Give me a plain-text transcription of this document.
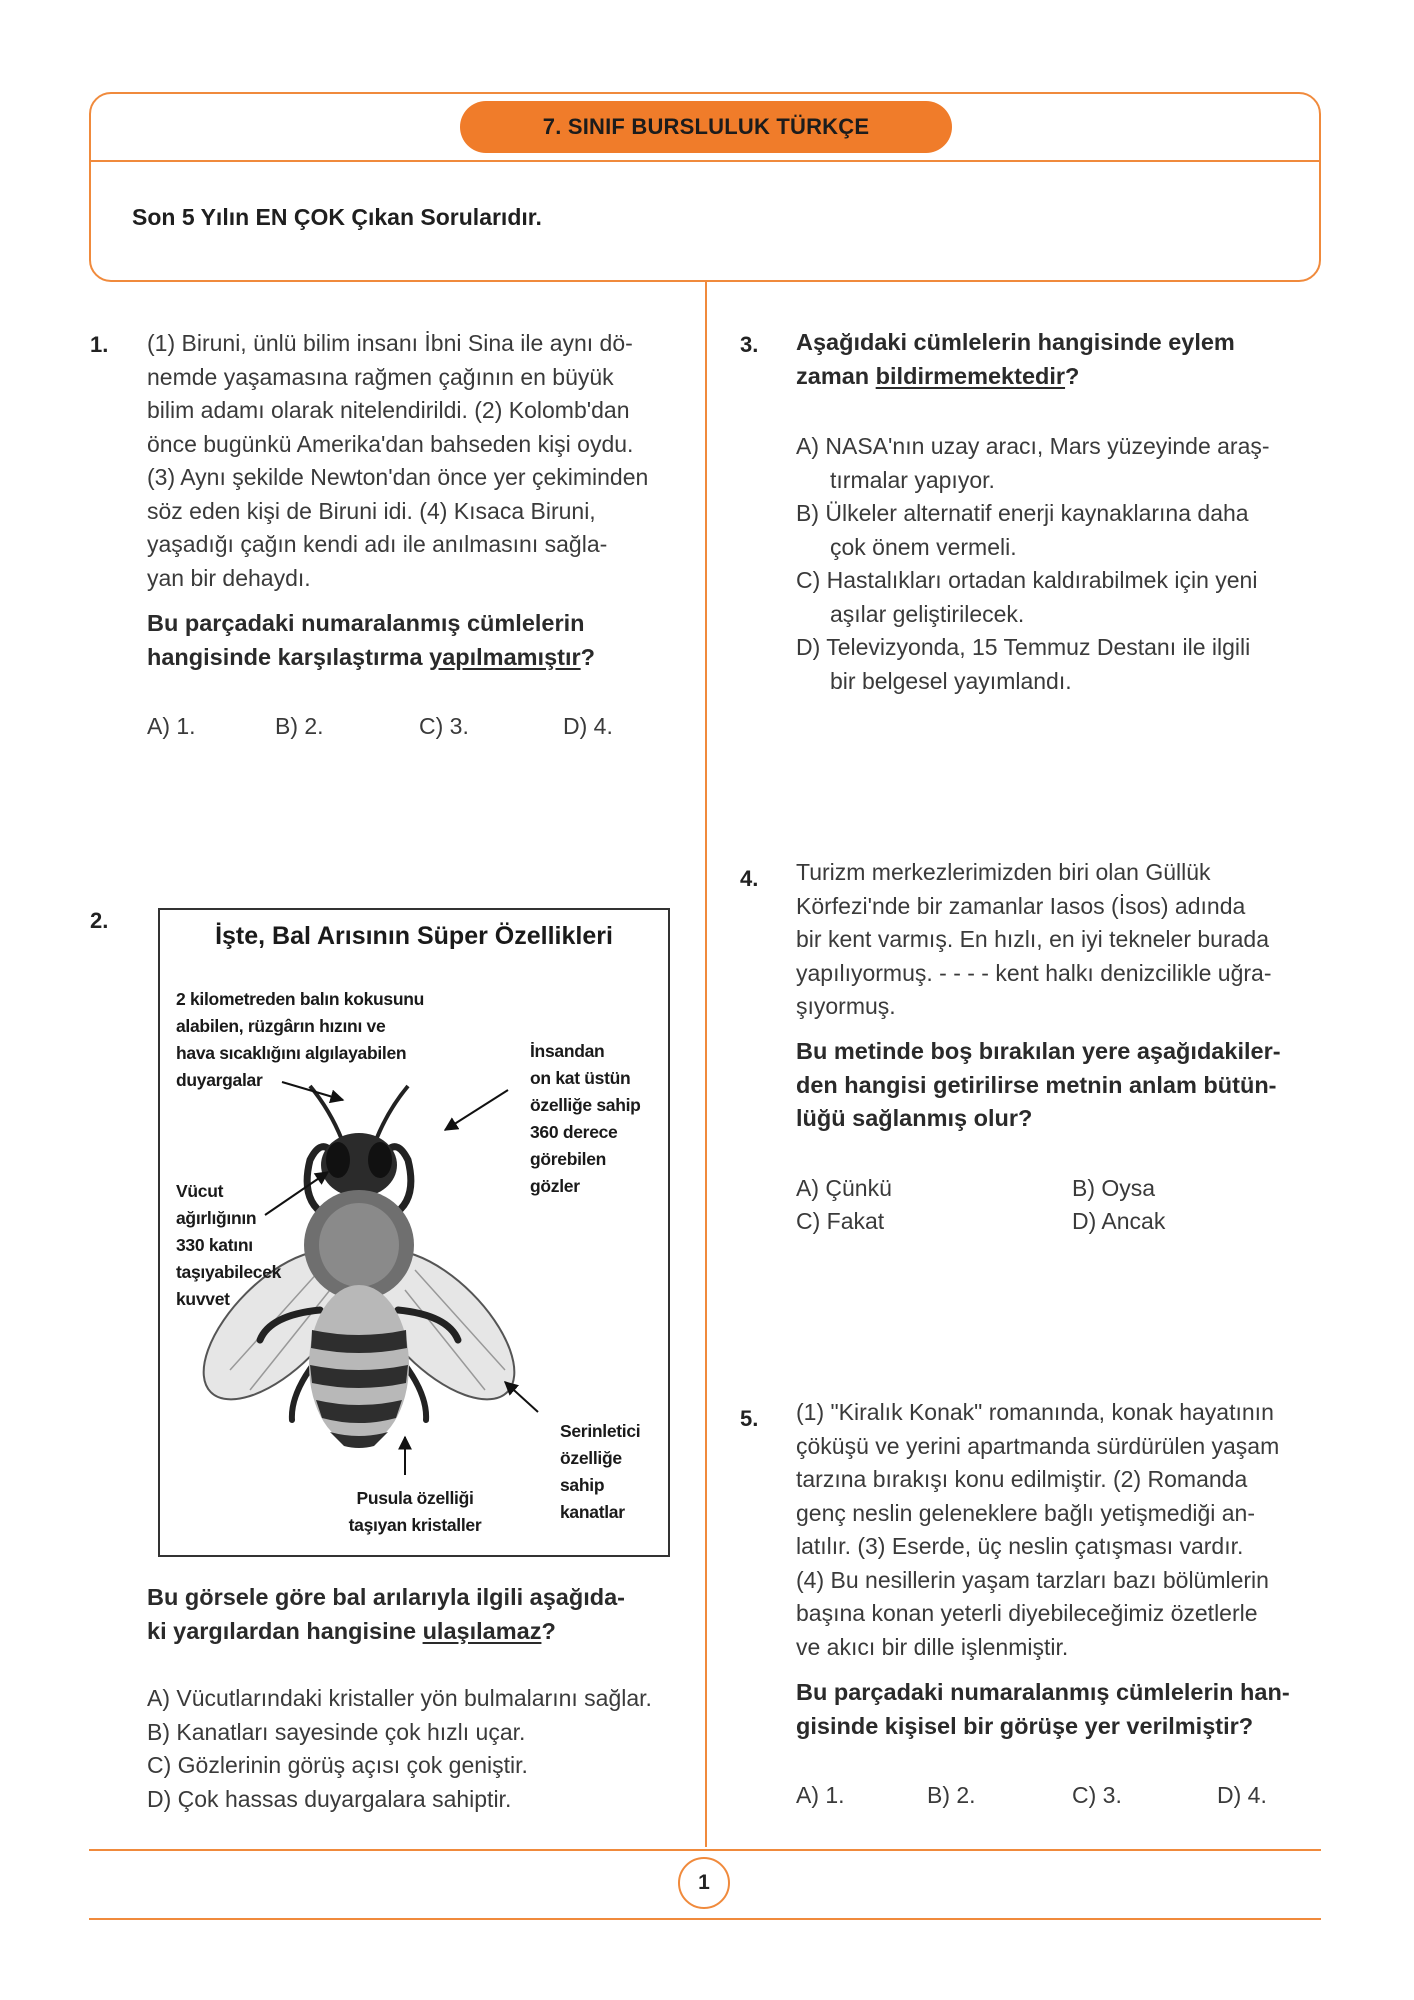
7. SINIF BURSLULUK TÜRKÇE
Son 5 Yılın EN ÇOK Çıkan Sorularıdır.
1. (1) Biruni, ünlü bilim insanı İbni Sina ile aynı dö-
nemde yaşamasına rağmen çağının en büyük
bilim adamı olarak nitelendirildi. (2) Kolomb'dan
önce bugünkü Amerika'dan bahseden kişi oydu.
(3) Aynı şekilde Newton'dan önce yer çekiminden
söz eden kişi de Biruni idi. (4) Kısaca Biruni,
yaşadığı çağın kendi adı ile anılmasını sağla-
yan bir dehaydı.
Bu parçadaki numaralanmış cümlelerin
hangisinde karşılaştırma yapılmamıştır?
A) 1.	B) 2.	C) 3.	D) 4.
2.
İşte, Bal Arısının Süper Özellikleri
2 kilometreden balın kokusunu
alabilen, rüzgârın hızını ve
hava sıcaklığını algılayabilen
duyargalar
İnsandan
on kat üstün
özelliğe sahip
360 derece
görebilen
gözler
Vücut
ağırlığının
330 katını
taşıyabilecek
kuvvet
Serinletici
özelliğe
sahip
kanatlar
Pusula özelliği
taşıyan kristaller
Bu görsele göre bal arılarıyla ilgili aşağıda-
ki yargılardan hangisine ulaşılamaz?
A) Vücutlarındaki kristaller yön bulmalarını sağlar.
B) Kanatları sayesinde çok hızlı uçar.
C) Gözlerinin görüş açısı çok geniştir.
D) Çok hassas duyargalara sahiptir.
3. Aşağıdaki cümlelerin hangisinde eylem
zaman bildirmemektedir?
A) NASA'nın uzay aracı, Mars yüzeyinde araş-
tırmalar yapıyor.
B) Ülkeler alternatif enerji kaynaklarına daha
çok önem vermeli.
C) Hastalıkları ortadan kaldırabilmek için yeni
aşılar geliştirilecek.
D) Televizyonda, 15 Temmuz Destanı ile ilgili
bir belgesel yayımlandı.
4. Turizm merkezlerimizden biri olan Güllük
Körfezi'nde bir zamanlar Iasos (İsos) adında
bir kent varmış. En hızlı, en iyi tekneler burada
yapılıyormuş. - - - - kent halkı denizcilikle uğra-
şıyormuş.
Bu metinde boş bırakılan yere aşağıdakiler-
den hangisi getirilirse metnin anlam bütün-
lüğü sağlanmış olur?
A) Çünkü	B) Oysa
C) Fakat	D) Ancak
5. (1) "Kiralık Konak" romanında, konak hayatının
çöküşü ve yerini apartmanda sürdürülen yaşam
tarzına bırakışı konu edilmiştir. (2) Romanda
genç neslin geleneklere bağlı yetişmediği an-
latılır. (3) Eserde, üç neslin çatışması vardır.
(4) Bu nesillerin yaşam tarzları bazı bölümlerin
başına konan yeterli diyebileceğimiz özetlerle
ve akıcı bir dille işlenmiştir.
Bu parçadaki numaralanmış cümlelerin han-
gisinde kişisel bir görüşe yer verilmiştir?
A) 1.	B) 2.	C) 3.	D) 4.
1
